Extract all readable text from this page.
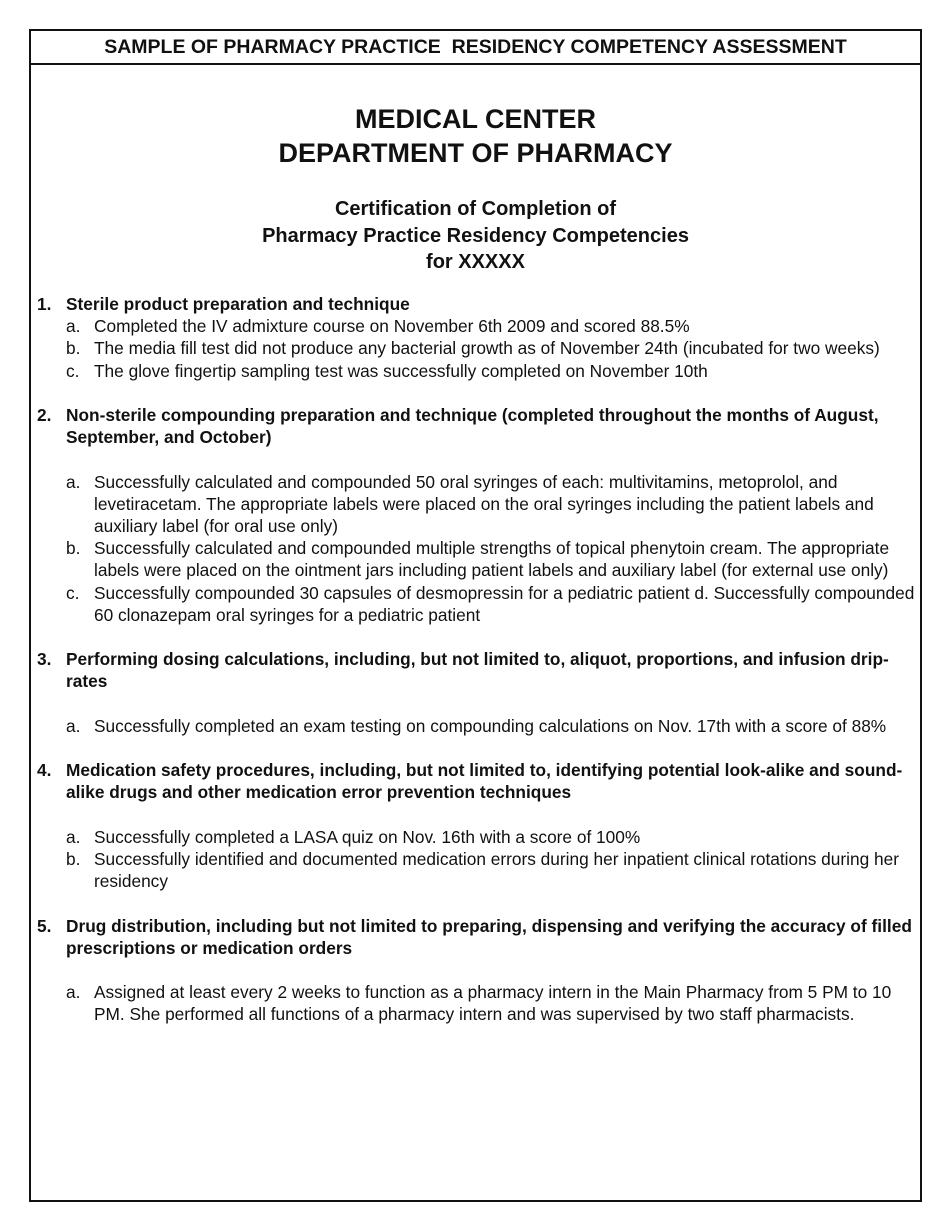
SAMPLE OF PHARMACY PRACTICE  RESIDENCY COMPETENCY ASSESSMENT
MEDICAL CENTER
DEPARTMENT OF PHARMACY
Certification of Completion of
Pharmacy Practice Residency Competencies
for XXXXX
1. Sterile product preparation and technique
a. Completed the IV admixture course on November 6th 2009 and scored 88.5%
b. The media fill test did not produce any bacterial growth as of November 24th (incubated for two weeks)
c. The glove fingertip sampling test was successfully completed on November 10th
2. Non-sterile compounding preparation and technique (completed throughout the months of August, September, and October)
a. Successfully calculated and compounded 50 oral syringes of each: multivitamins, metoprolol, and levetiracetam. The appropriate labels were placed on the oral syringes including the patient labels and auxiliary label (for oral use only)
b. Successfully calculated and compounded multiple strengths of topical phenytoin cream. The appropriate labels were placed on the ointment jars including patient labels and auxiliary label (for external use only)
c. Successfully compounded 30 capsules of desmopressin for a pediatric patient d. Successfully compounded 60 clonazepam oral syringes for a pediatric patient
3. Performing dosing calculations, including, but not limited to, aliquot, proportions, and infusion drip-rates
a. Successfully completed an exam testing on compounding calculations on Nov. 17th with a score of 88%
4. Medication safety procedures, including, but not limited to, identifying potential look-alike and sound-alike drugs and other medication error prevention techniques
a. Successfully completed a LASA quiz on Nov. 16th with a score of 100%
b. Successfully identified and documented medication errors during her inpatient clinical rotations during her residency
5. Drug distribution, including but not limited to preparing, dispensing and verifying the accuracy of filled prescriptions or medication orders
a. Assigned at least every 2 weeks to function as a pharmacy intern in the Main Pharmacy from 5 PM to 10 PM. She performed all functions of a pharmacy intern and was supervised by two staff pharmacists.
